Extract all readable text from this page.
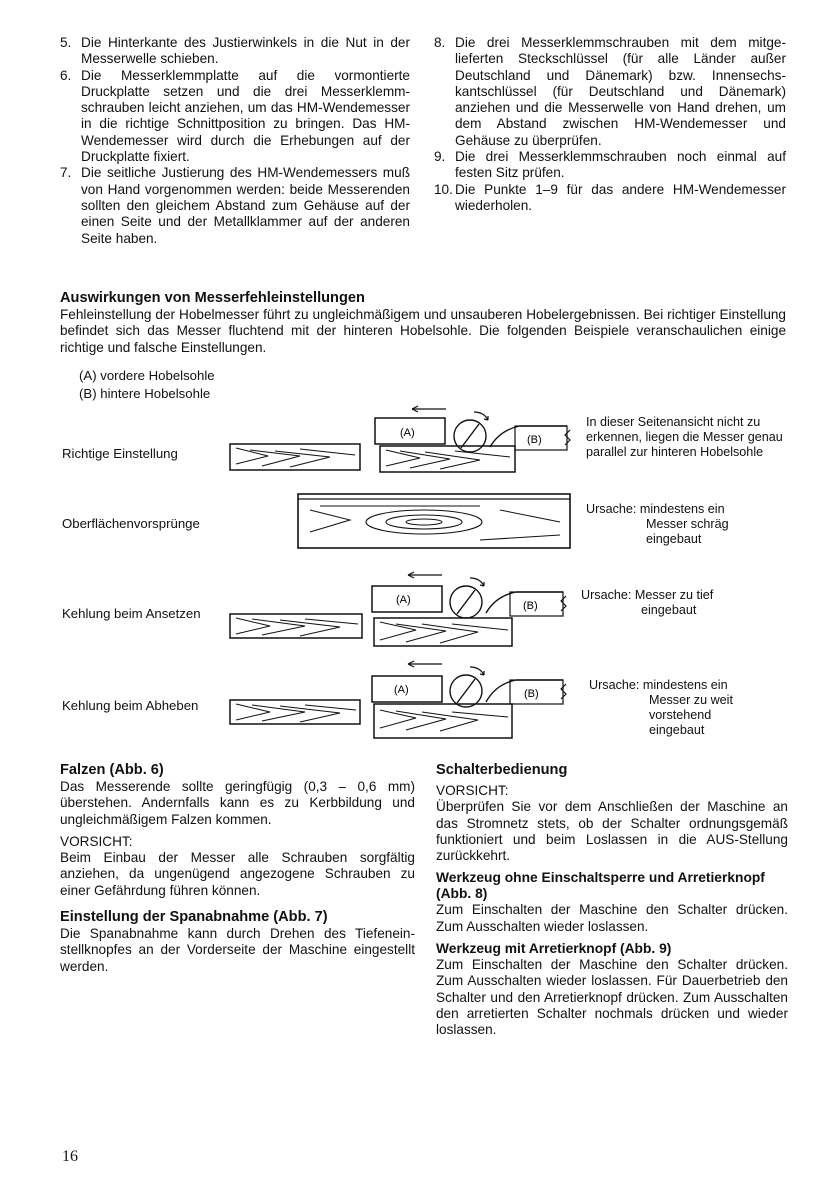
5. Die Hinterkante des Justierwinkels in die Nut in der Messerwelle schieben.
6. Die Messerklemmplatte auf die vormontierte Druckplatte setzen und die drei Messerklemmschrauben leicht anziehen, um das HM-Wendemesser in die richtige Schnittposition zu bringen. Das HM-Wendemesser wird durch die Erhebungen auf der Druckplatte fixiert.
7. Die seitliche Justierung des HM-Wendemessers muß von Hand vorgenommen werden: beide Messerenden sollten den gleichem Abstand zum Gehäuse auf der einen Seite und der Metallklammer auf der anderen Seite haben.
8. Die drei Messerklemmschrauben mit dem mitgelieferten Steckschlüssel (für alle Länder außer Deutschland und Dänemark) bzw. Innensechskantschlüssel (für Deutschland und Dänemark) anziehen und die Messerwelle von Hand drehen, um dem Abstand zwischen HM-Wendemesser und Gehäuse zu überprüfen.
9. Die drei Messerklemmschrauben noch einmal auf festen Sitz prüfen.
10. Die Punkte 1–9 für das andere HM-Wendemesser wiederholen.
Auswirkungen von Messerfehleinstellungen

Fehleinstellung der Hobelmesser führt zu ungleichmäßigem und unsauberen Hobelergebnissen. Bei richtiger Einstellung befindet sich das Messer fluchtend mit der hinteren Hobelsohle. Die folgenden Beispiele veranschaulichen einige richtige und falsche Einstellungen.

(A) vordere Hobelsohle
(B) hintere Hobelsohle
Richtige Einstellung
Oberflächenvorsprünge
Kehlung beim Ansetzen
Kehlung beim Abheben
In dieser Seitenansicht nicht zu erkennen, liegen die Messer genau parallel zur hinteren Hobelsohle
Ursache: mindestens ein
Messer schräg eingebaut
Ursache: Messer zu tief
eingebaut
Ursache: mindestens ein
Messer zu weit vorstehend eingebaut
(A)
(B)
(A)	(B)
(A)	(B)
Falzen (Abb. 6)

Das Messerende sollte geringfügig (0,3 – 0,6 mm) überstehen. Andernfalls kann es zu Kerbbildung und ungleichmäßigem Falzen kommen.

VORSICHT:

Beim Einbau der Messer alle Schrauben sorgfältig anziehen, da ungenügend angezogene Schrauben zu einer Gefährdung führen können.

Einstellung der Spanabnahme (Abb. 7)

Die Spanabnahme kann durch Drehen des Tiefeneinstellknopfes an der Vorderseite der Maschine eingestellt werden.

Schalterbedienung

VORSICHT:

Überprüfen Sie vor dem Anschließen der Maschine an das Stromnetz stets, ob der Schalter ordnungsgemäß funktioniert und beim Loslassen in die AUS-Stellung zurückkehrt.

Werkzeug ohne Einschaltsperre und Arretierknopf (Abb. 8)

Zum Einschalten der Maschine den Schalter drücken. Zum Ausschalten wieder loslassen.

Werkzeug mit Arretierknopf (Abb. 9)

Zum Einschalten der Maschine den Schalter drücken. Zum Ausschalten wieder loslassen. Für Dauerbetrieb den Schalter und den Arretierknopf drücken. Zum Ausschalten den arretierten Schalter nochmals drücken und wieder loslassen.

16
